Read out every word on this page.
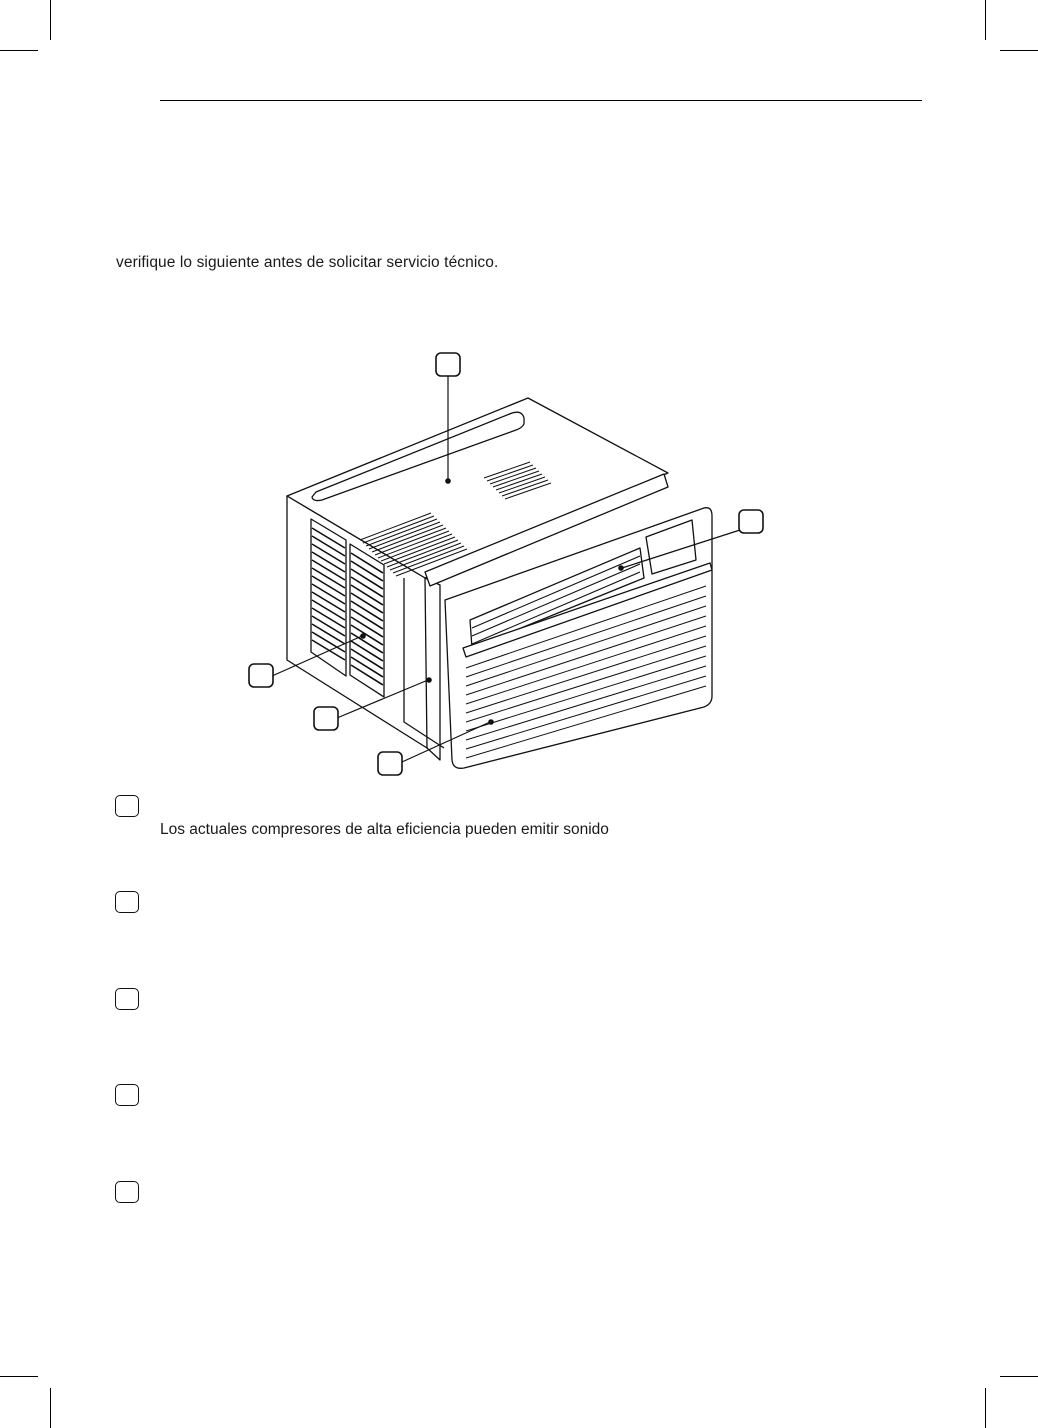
verifique lo siguiente antes de solicitar servicio técnico.
Los actuales compresores de alta eficiencia pueden emitir sonido
